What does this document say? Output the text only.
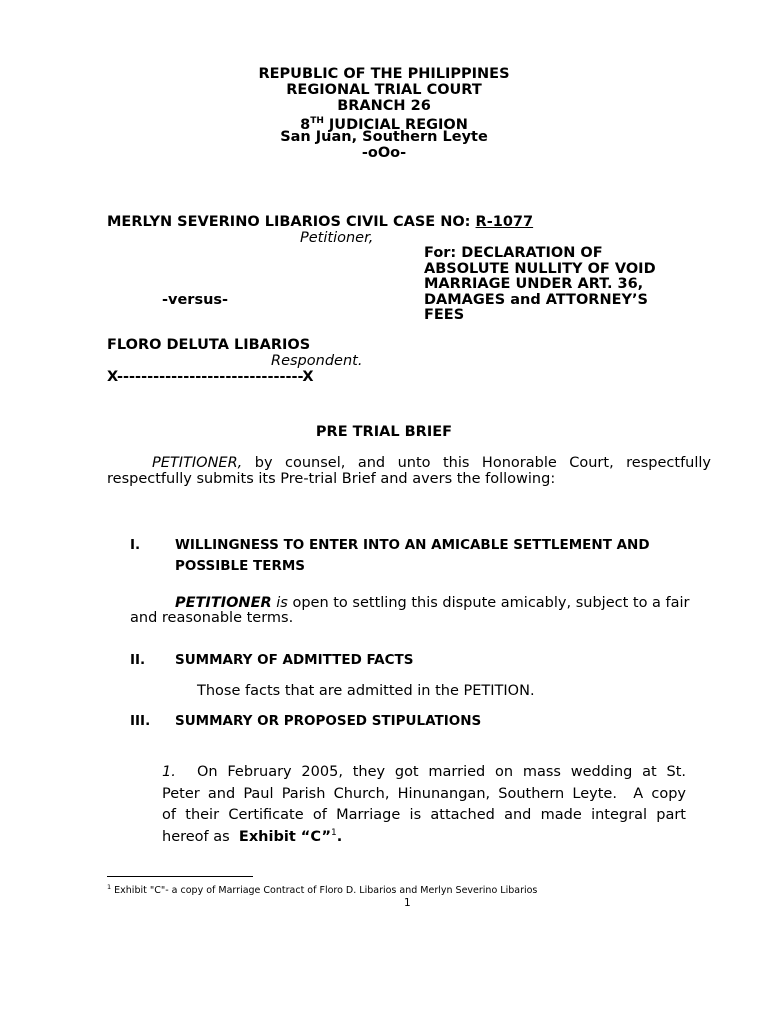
REPUBLIC OF THE PHILIPPINES
REGIONAL TRIAL COURT
BRANCH 26
8TH JUDICIAL REGION
San Juan, Southern Leyte
-oOo-
MERLYN SEVERINO LIBARIOS CIVIL CASE NO: R-1077
Petitioner,
For: DECLARATION OF
ABSOLUTE NULLITY OF VOID
MARRIAGE UNDER ART. 36,
DAMAGES and ATTORNEY’S
FEES
-versus-
FLORO DELUTA LIBARIOS
Respondent.
X-------------------------------X
PRE TRIAL BRIEF
PETITIONER, by counsel, and unto this Honorable Court, respectfully
respectfully submits its Pre-trial Brief and avers the following:
I.	WILLINGNESS TO ENTER INTO AN AMICABLE SETTLEMENT AND
POSSIBLE TERMS
PETITIONER is open to settling this dispute amicably, subject to a fair
and reasonable terms.
II. SUMMARY OF ADMITTED FACTS
Those facts that are admitted in the PETITION.
III. SUMMARY OR PROPOSED STIPULATIONS
1. On February 2005, they got married on mass wedding at St.
Peter and Paul Parish Church, Hinunangan, Southern Leyte.  A copy
of their Certificate of Marriage is attached and made integral part
hereof as Exhibit “C”$^1$.
$^1$ Exhibit "C"- a copy of Marriage Contract of Floro D. Libarios and Merlyn Severino Libarios
1
